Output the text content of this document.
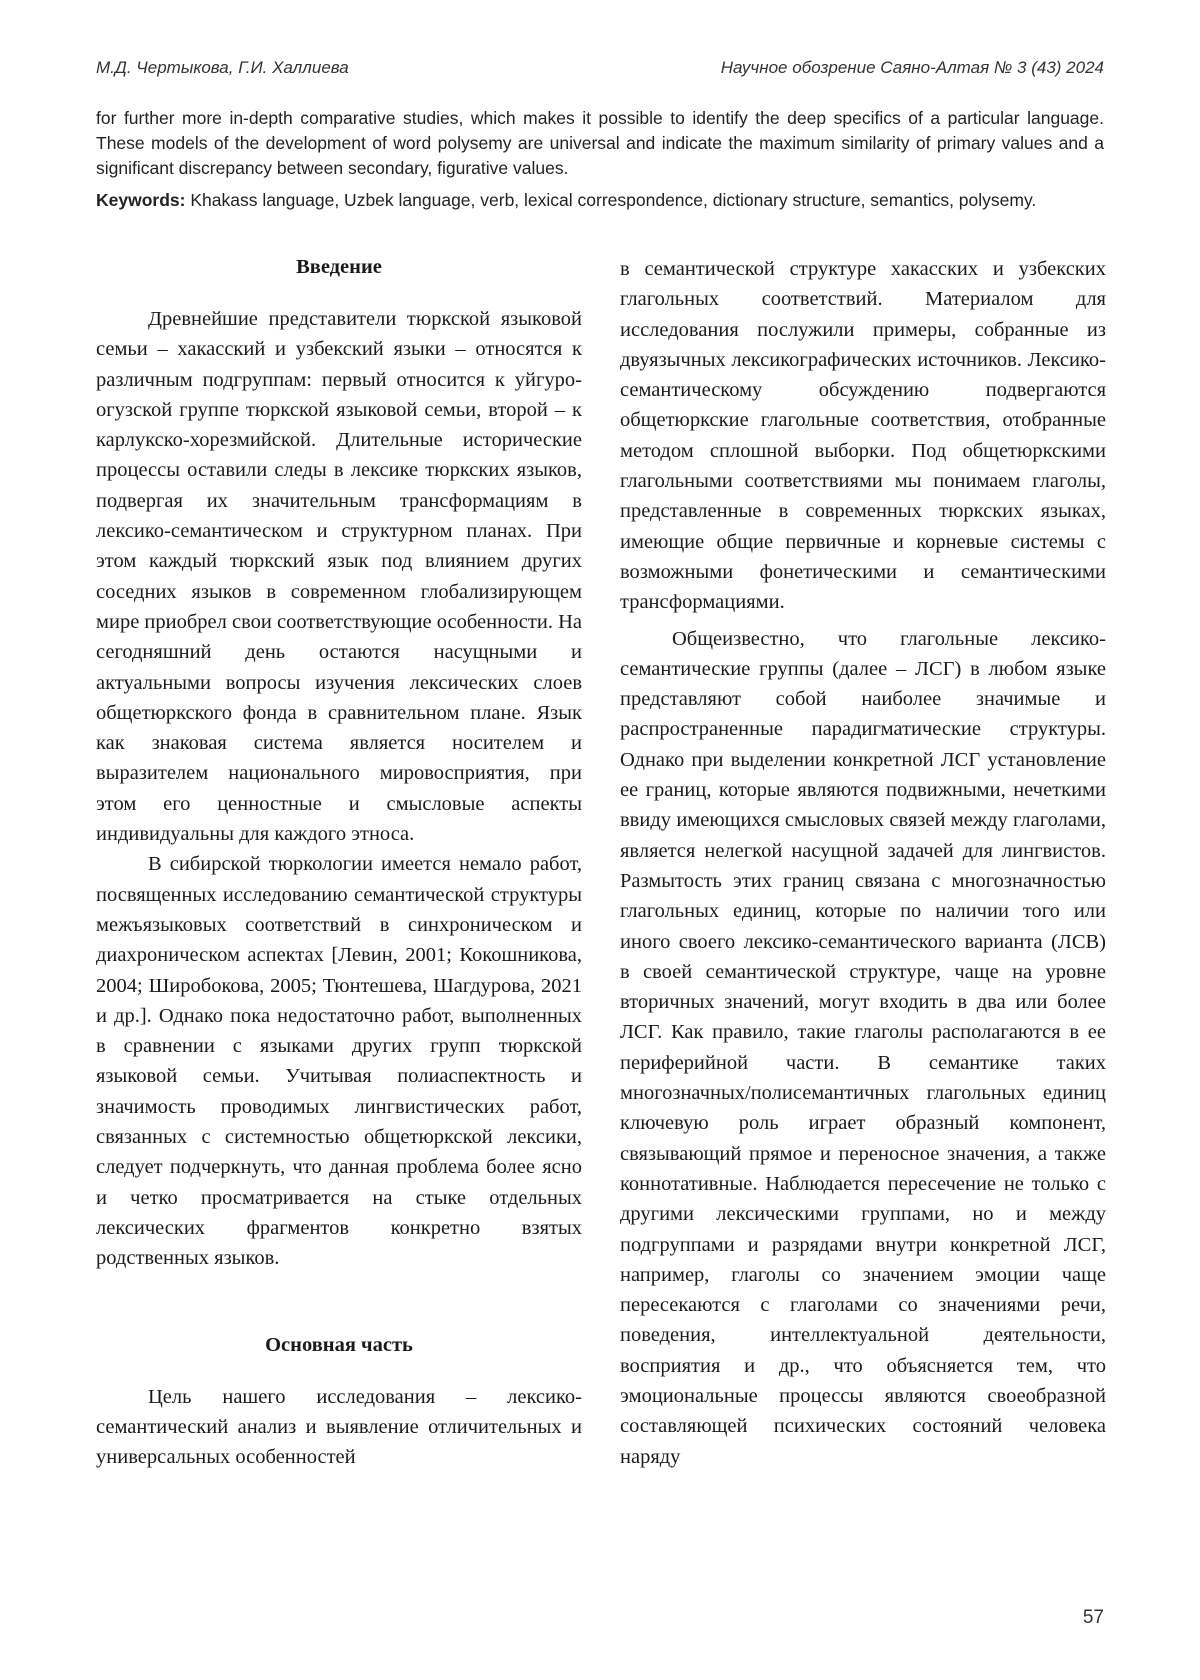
М.Д. Чертыкова, Г.И. Халлиева	Научное обозрение Саяно-Алтая № 3 (43) 2024

for further more in-depth comparative studies, which makes it possible to identify the deep specifics of a particular language. These models of the development of word polysemy are universal and indicate the maximum similarity of primary values and a significant discrepancy between secondary, figurative values.

Keywords: Khakass language, Uzbek language, verb, lexical correspondence, dictionary structure, semantics, polysemy.

Введение

Древнейшие представители тюркской языковой семьи – хакасский и узбекский языки – относятся к различным подгруппам: первый относится к уйгуро-огузской группе тюркской языковой семьи, второй – к карлукско-хорезмийской. Длительные исторические процессы оставили следы в лексике тюркских языков, подвергая их значительным трансформациям в лексико-семантическом и структурном планах. При этом каждый тюркский язык под влиянием других соседних языков в современном глобализирующем мире приобрел свои соответствующие особенности. На сегодняшний день остаются насущными и актуальными вопросы изучения лексических слоев общетюркского фонда в сравнительном плане. Язык как знаковая система является носителем и выразителем национального мировосприятия, при этом его ценностные и смысловые аспекты индивидуальны для каждого этноса.

В сибирской тюркологии имеется немало работ, посвященных исследованию семантической структуры межъязыковых соответствий в синхроническом и диахроническом аспектах [Левин, 2001; Кокошникова, 2004; Широбокова, 2005; Тюнтешева, Шагдурова, 2021 и др.]. Однако пока недостаточно работ, выполненных в сравнении с языками других групп тюркской языковой семьи. Учитывая полиаспектность и значимость проводимых лингвистических работ, связанных с системностью общетюркской лексики, следует подчеркнуть, что данная проблема более ясно и четко просматривается на стыке отдельных лексических фрагментов конкретно взятых родственных языков.

Основная часть

Цель нашего исследования – лексико-семантический анализ и выявление отличительных и универсальных особенностей

в семантической структуре хакасских и узбекских глагольных соответствий. Материалом для исследования послужили примеры, собранные из двуязычных лексикографических источников. Лексико-семантическому обсуждению подвергаются общетюркские глагольные соответствия, отобранные методом сплошной выборки. Под общетюркскими глагольными соответствиями мы понимаем глаголы, представленные в современных тюркских языках, имеющие общие первичные и корневые системы с возможными фонетическими и семантическими трансформациями.

Общеизвестно, что глагольные лексико-семантические группы (далее – ЛСГ) в любом языке представляют собой наиболее значимые и распространенные парадигматические структуры. Однако при выделении конкретной ЛСГ установление ее границ, которые являются подвижными, нечеткими ввиду имеющихся смысловых связей между глаголами, является нелегкой насущной задачей для лингвистов. Размытость этих границ связана с многозначностью глагольных единиц, которые по наличии того или иного своего лексико-семантического варианта (ЛСВ) в своей семантической структуре, чаще на уровне вторичных значений, могут входить в два или более ЛСГ. Как правило, такие глаголы располагаются в ее периферийной части. В семантике таких многозначных/полисемантичных глагольных единиц ключевую роль играет образный компонент, связывающий прямое и переносное значения, а также коннотативные. Наблюдается пересечение не только с другими лексическими группами, но и между подгруппами и разрядами внутри конкретной ЛСГ, например, глаголы со значением эмоции чаще пересекаются с глаголами со значениями речи, поведения, интеллектуальной деятельности, восприятия и др., что объясняется тем, что эмоциональные процессы являются своеобразной составляющей психических состояний человека наряду

57
